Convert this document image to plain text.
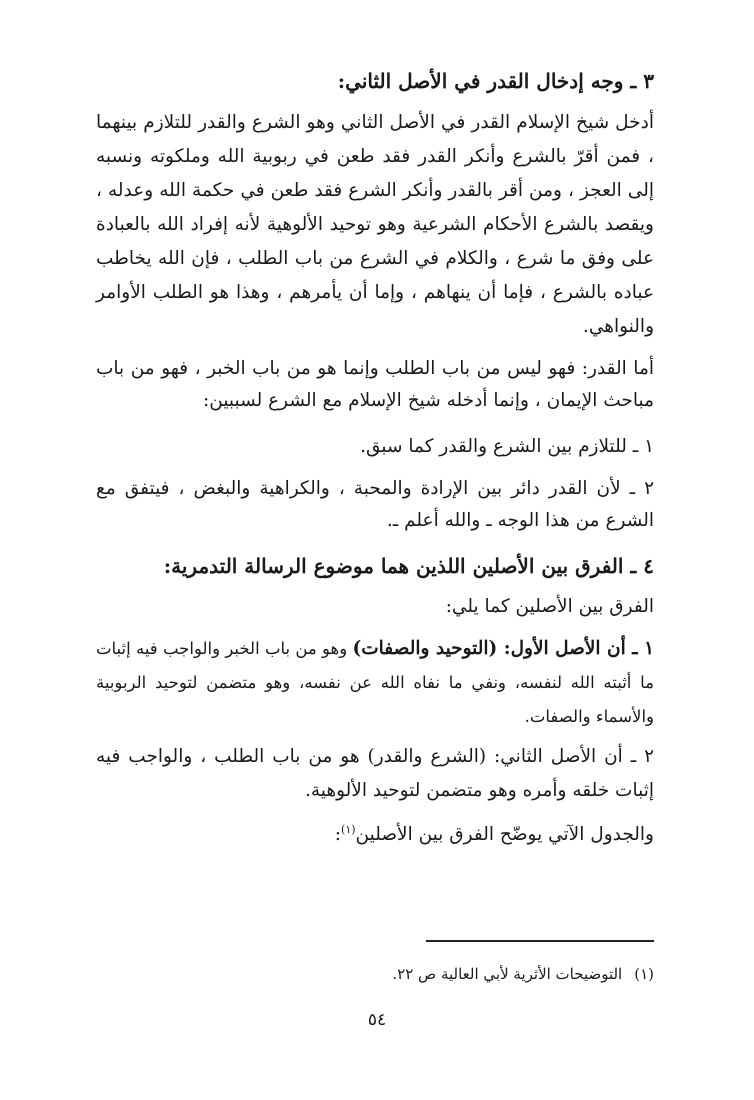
٣ ـ وجه إدخال القدر في الأصل الثاني:
أدخل شيخ الإسلام القدر في الأصل الثاني وهو الشرع والقدر للتلازم بينهما ، فمن أقرّ بالشرع وأنكر القدر فقد طعن في ربوبية الله وملكوته ونسبه إلى العجز ، ومن أقر بالقدر وأنكر الشرع فقد طعن في حكمة الله وعدله ، ويقصد بالشرع الأحكام الشرعية وهو توحيد الألوهية لأنه إفراد الله بالعبادة على وفق ما شرع ، والكلام في الشرع من باب الطلب ، فإن الله يخاطب عباده بالشرع ، فإما أن ينهاهم ، وإما أن يأمرهم ، وهذا هو الطلب الأوامر والنواهي.
أما القدر: فهو ليس من باب الطلب وإنما هو من باب الخبر ، فهو من باب مباحث الإيمان ، وإنما أدخله شيخ الإسلام مع الشرع لسببين:
١ ـ للتلازم بين الشرع والقدر كما سبق.
٢ ـ لأن القدر دائر بين الإرادة والمحبة ، والكراهية والبغض ، فيتفق مع الشرع من هذا الوجه ـ والله أعلم ـ.
٤ ـ الفرق بين الأصلين اللذين هما موضوع الرسالة التدمرية:
الفرق بين الأصلين كما يلي:
١ ـ أن الأصل الأول: (التوحيد والصفات) وهو من باب الخبر والواجب فيه إثبات ما أثبته الله لنفسه، ونفي ما نفاه الله عن نفسه، وهو متضمن لتوحيد الربوبية والأسماء والصفات.
٢ ـ أن الأصل الثاني: (الشرع والقدر) هو من باب الطلب ، والواجب فيه إثبات خلقه وأمره وهو متضمن لتوحيد الألوهية.
والجدول الآتي يوضّح الفرق بين الأصلين$^{(١)}$:
(١)التوضيحات الأثرية لأبي العالية ص ٢٢.
٥٤
